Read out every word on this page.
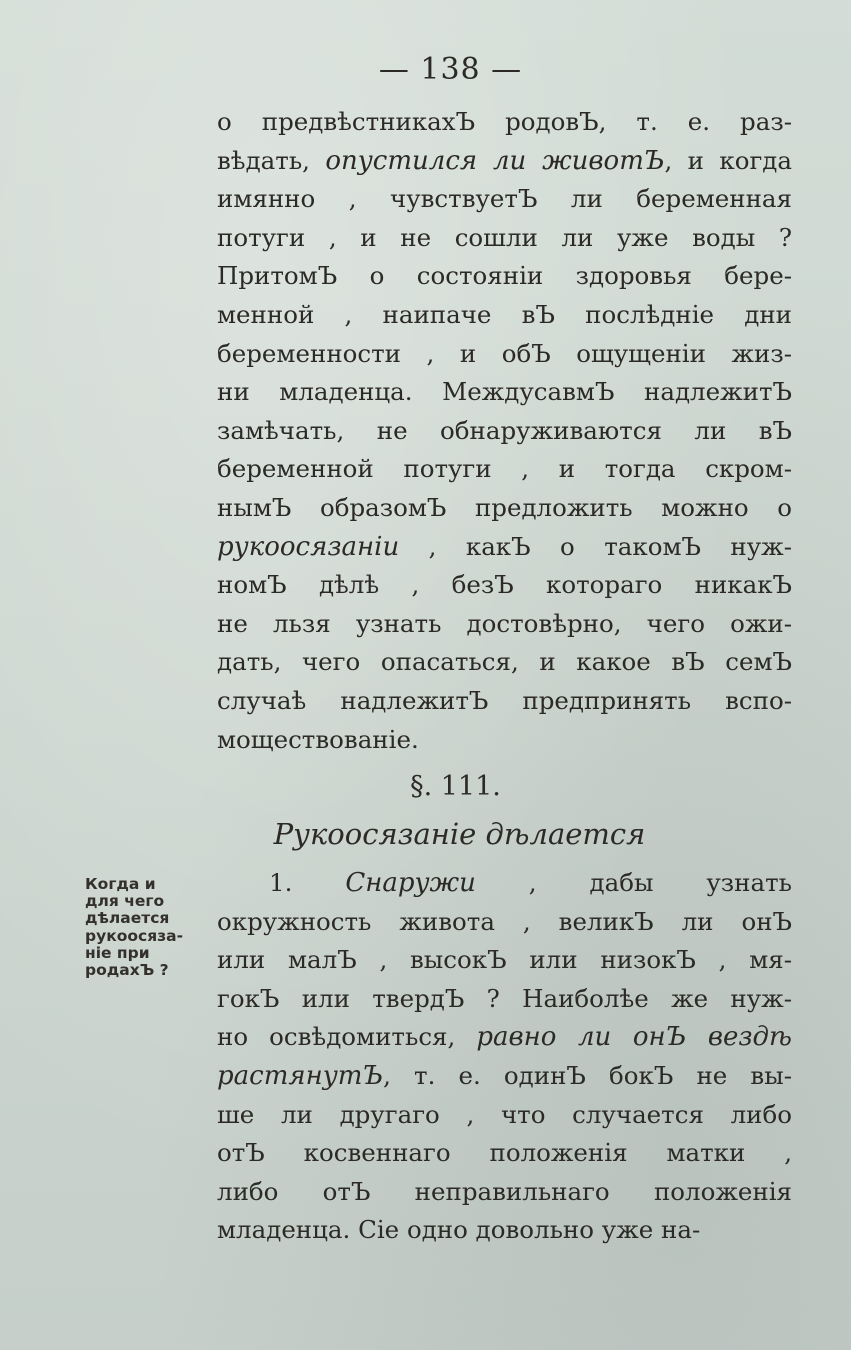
— 138 —
о предвѣстникахЪ родовЪ, т. е. раз-
вѣдать, опустился ли животЪ, и когда
имянно , чувствуетЪ ли беременная
потуги , и не сошли ли уже воды ?
ПритомЪ о состояніи здоровья бере-
менной , наипаче вЪ послѣдніе дни
беременности , и обЪ ощущеніи жиз-
ни младенца. МеждусавмЪ надлежитЪ
замѣчать, не обнаруживаются ли вЪ
беременной потуги , и тогда скром-
нымЪ образомЪ предложить можно о
рукоосязаніи , какЪ о такомЪ нуж-
номЪ дѣлѣ , безЪ котораго никакЪ
не льзя узнать достовѣрно, чего ожи-
дать, чего опасаться, и какое вЪ семЪ
случаѣ надлежитЪ предпринять вспо-
моществованіе.
§. 111.
Рукоосязаніе дѣлается
Когда и
для чего
дѣлается
рукоосяза-
ніе при
родахЪ ?
1. Снаружи , дабы узнать
окружность живота , великЪ ли онЪ
или малЪ , высокЪ или низокЪ , мя-
гокЪ или твердЪ ? Наиболѣе же нуж-
но освѣдомиться, равно ли онЪ вездѣ
растянутЪ, т. е. одинЪ бокЪ не вы-
ше ли другаго , что случается либо
отЪ косвеннаго положенія матки ,
либо отЪ неправильнаго положенія
младенца. Сіе одно довольно уже на-
